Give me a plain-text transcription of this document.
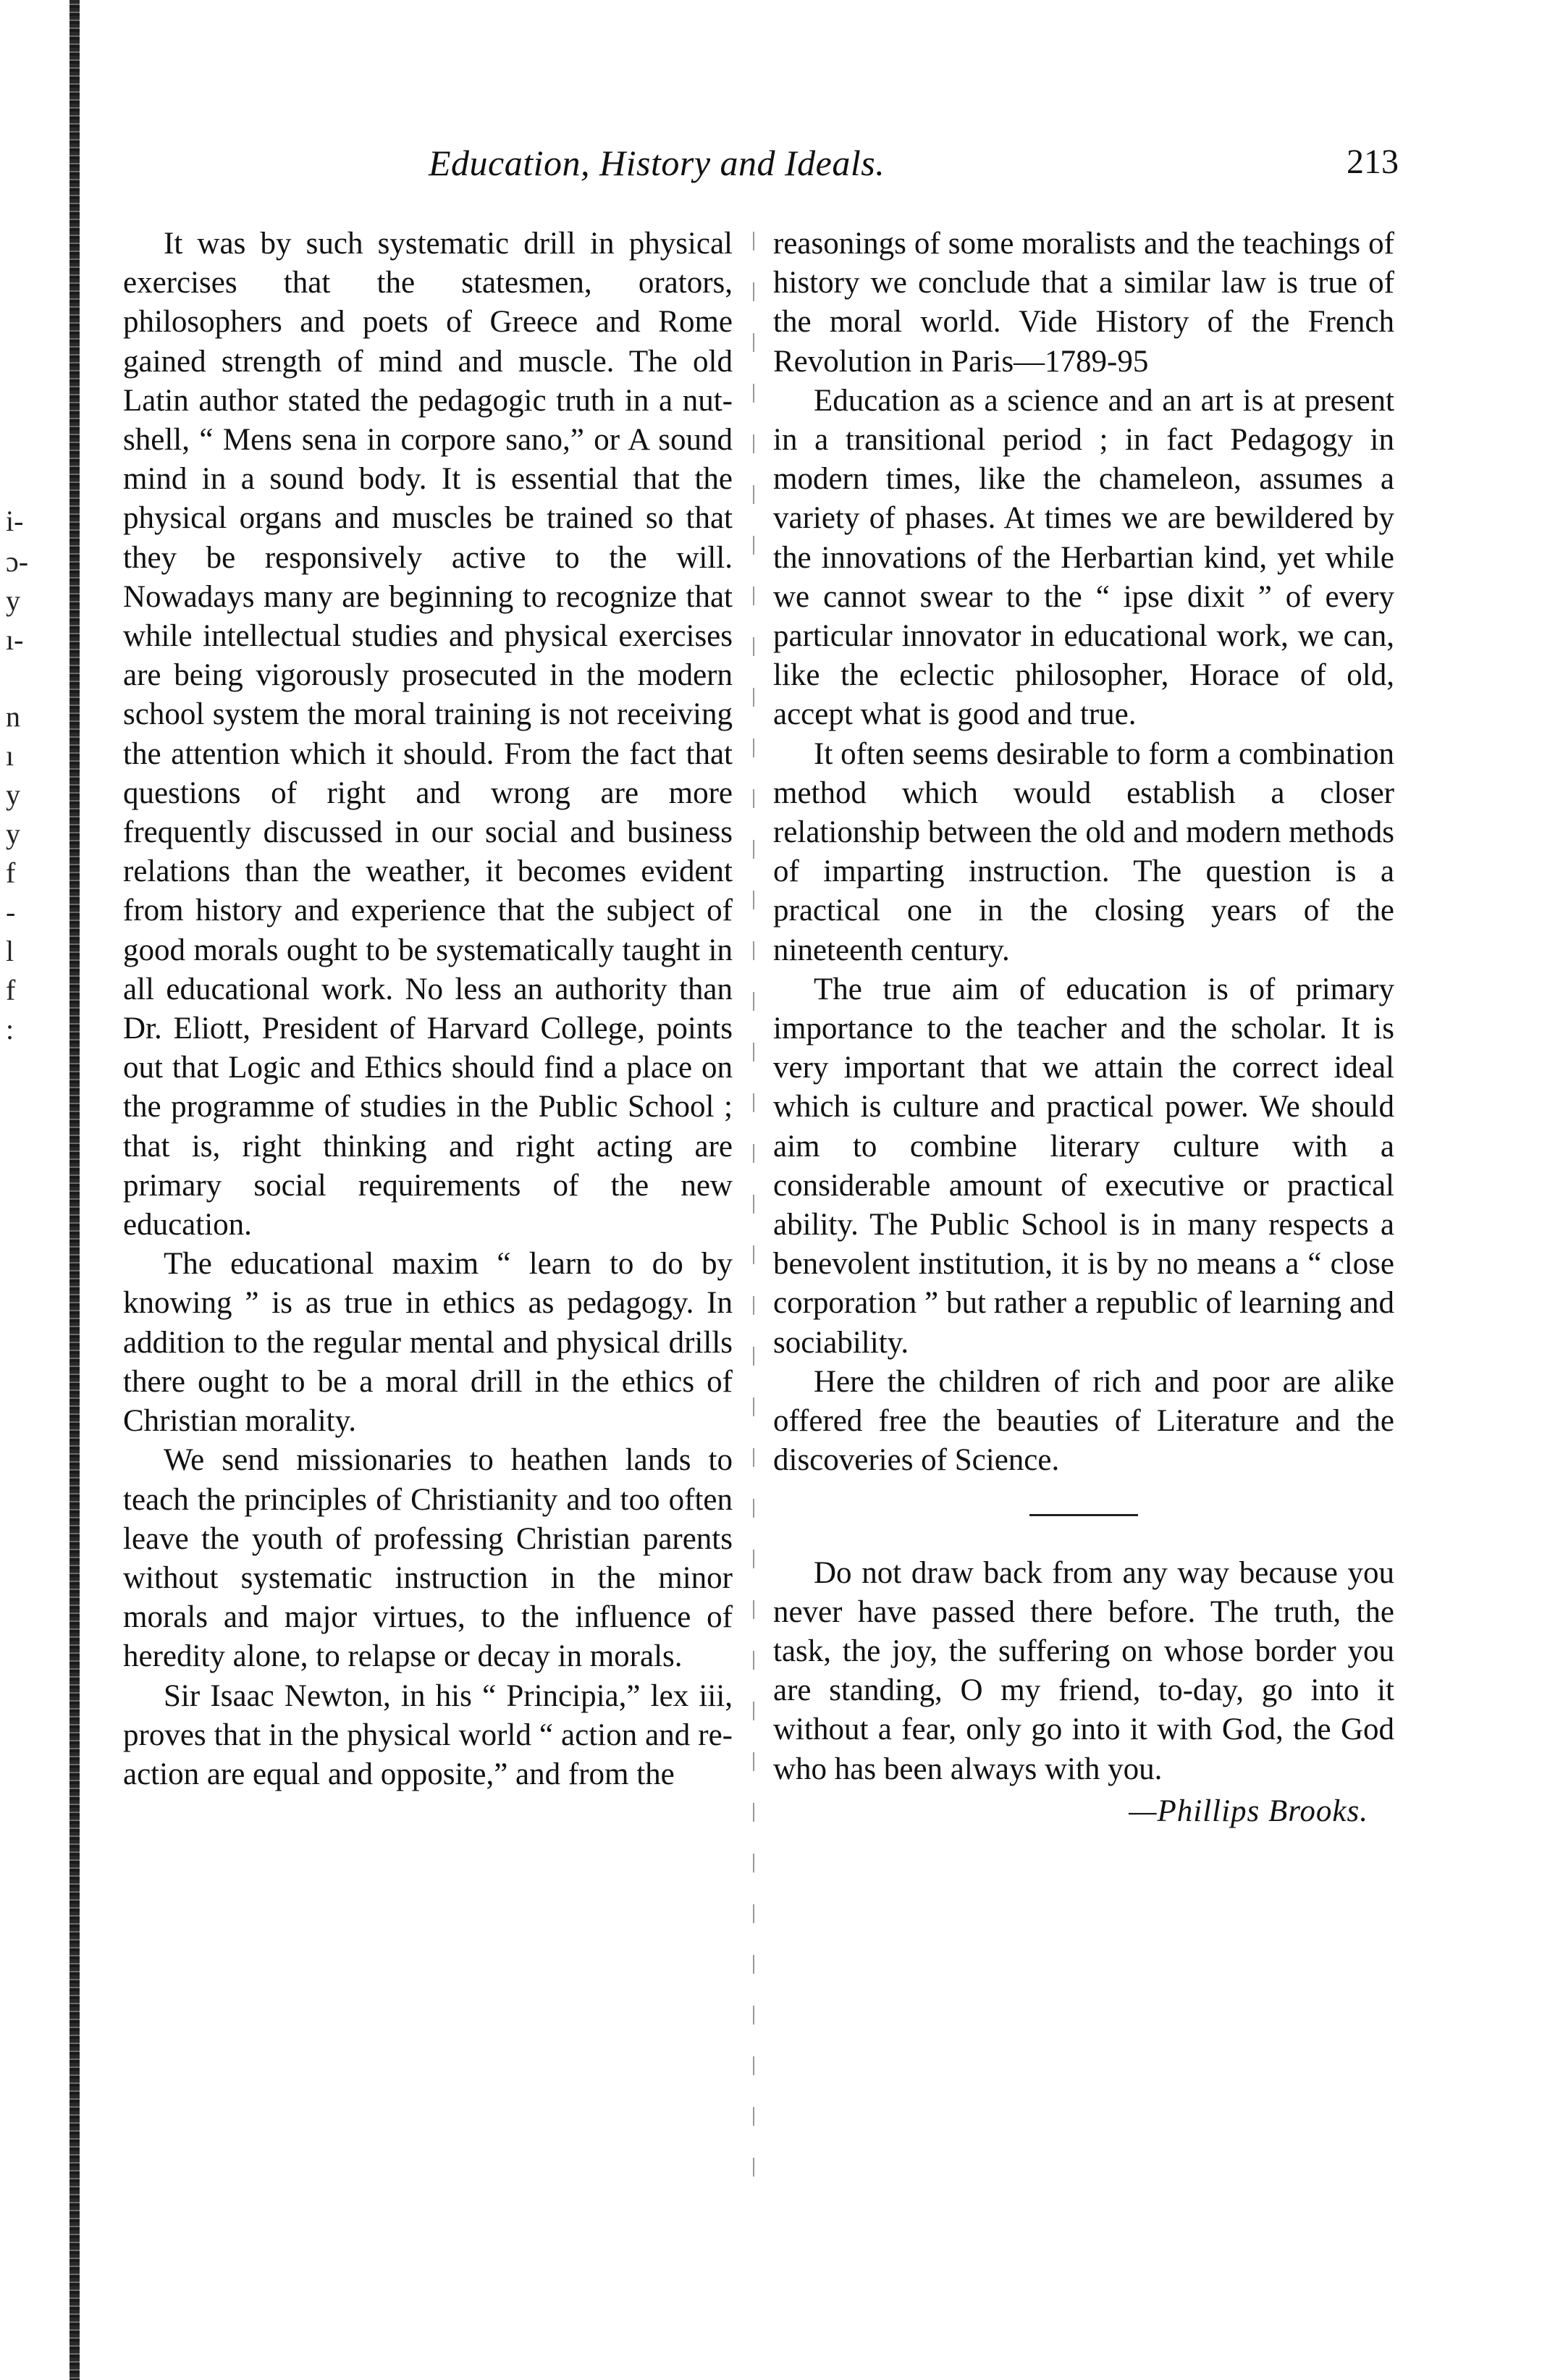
i-
ɔ-
y
ı-
n
ı
y
y
f
-
l
f
:
Education, History and Ideals.	213

It was by such systematic drill in physical exercises that the statesmen, orators, philosophers and poets of Greece and Rome gained strength of mind and muscle. The old Latin author stated the pedagogic truth in a nut-shell, “ Mens sena in corpore sano,” or A sound mind in a sound body. It is essential that the physical organs and muscles be trained so that they be responsively active to the will. Nowadays many are beginning to recognize that while intellectual studies and physical exercises are being vigorously prosecuted in the modern school system the moral training is not receiving the attention which it should. From the fact that questions of right and wrong are more frequently discussed in our social and business relations than the weather, it becomes evident from history and experience that the subject of good morals ought to be systematically taught in all educational work. No less an authority than Dr. Eliott, President of Harvard College, points out that Logic and Ethics should find a place on the programme of studies in the Public School ; that is, right thinking and right acting are primary social requirements of the new education.

The educational maxim “ learn to do by knowing ” is as true in ethics as pedagogy. In addition to the regular mental and physical drills there ought to be a moral drill in the ethics of Christian morality.

We send missionaries to heathen lands to teach the principles of Christianity and too often leave the youth of professing Christian parents without systematic instruction in the minor morals and major virtues, to the influence of heredity alone, to relapse or decay in morals.

Sir Isaac Newton, in his “ Principia,” lex iii, proves that in the physical world “ action and re-action are equal and opposite,” and from the

reasonings of some moralists and the teachings of history we conclude that a similar law is true of the moral world. Vide History of the French Revolution in Paris—1789-95

Education as a science and an art is at present in a transitional period ; in fact Pedagogy in modern times, like the chameleon, assumes a variety of phases. At times we are bewildered by the innovations of the Herbartian kind, yet while we cannot swear to the “ ipse dixit ” of every particular innovator in educational work, we can, like the eclectic philosopher, Horace of old, accept what is good and true.

It often seems desirable to form a combination method which would establish a closer relationship between the old and modern methods of imparting instruction. The question is a practical one in the closing years of the nineteenth century.

The true aim of education is of primary importance to the teacher and the scholar. It is very important that we attain the correct ideal which is culture and practical power. We should aim to combine literary culture with a considerable amount of executive or practical ability. The Public School is in many respects a benevolent institution, it is by no means a “ close corporation ” but rather a republic of learning and sociability.

Here the children of rich and poor are alike offered free the beauties of Literature and the discoveries of Science.

Do not draw back from any way because you never have passed there before. The truth, the task, the joy, the suffering on whose border you are standing, O my friend, to-day, go into it without a fear, only go into it with God, the God who has been always with you.

—Phillips Brooks.
